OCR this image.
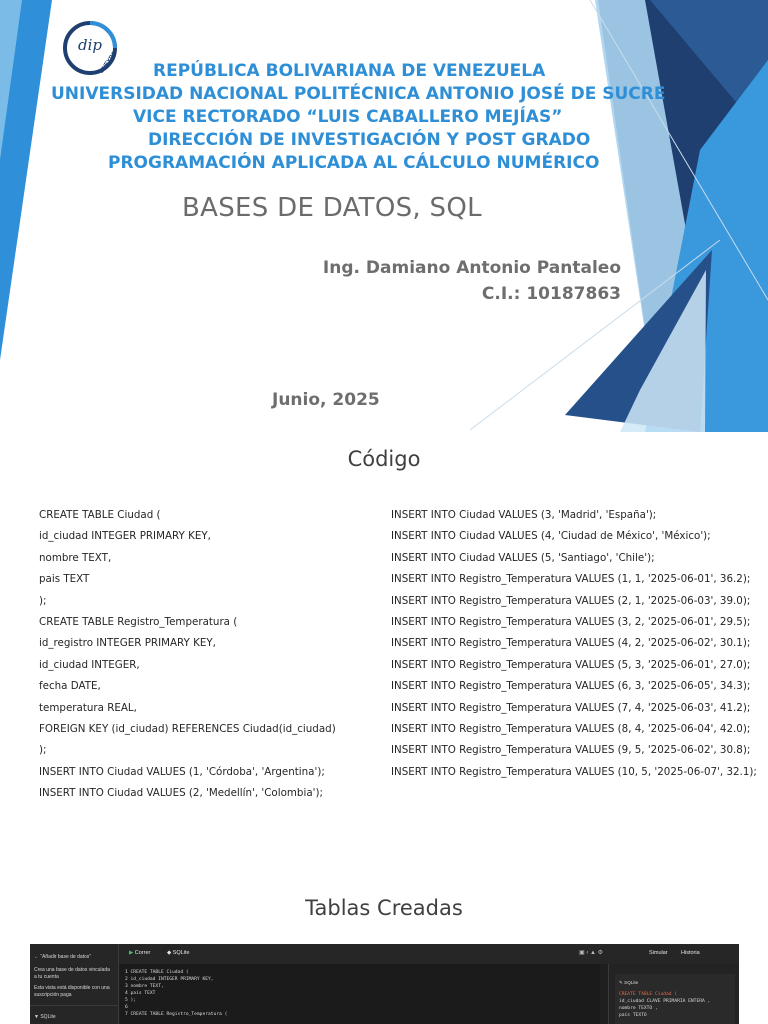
dip
UNEXPO REPÚBLICA BOLIVARIANA DE VENEZUELA
UNIVERSIDAD NACIONAL POLITÉCNICA ANTONIO JOSÉ DE SUCRE
VICE RECTORADO “LUIS CABALLERO MEJÍAS”
DIRECCIÓN DE INVESTIGACIÓN Y POST GRADO
PROGRAMACIÓN APLICADA AL CÁLCULO NUMÉRICO
BASES DE DATOS, SQL
Ing. Damiano Antonio Pantaleo
C.I.: 10187863
Junio, 2025
Código
CREATE TABLE Ciudad (
id_ciudad INTEGER PRIMARY KEY,
nombre TEXT,
pais TEXT
);
CREATE TABLE Registro_Temperatura (
id_registro INTEGER PRIMARY KEY,
id_ciudad INTEGER,
fecha DATE,
temperatura REAL,
FOREIGN KEY (id_ciudad) REFERENCES Ciudad(id_ciudad)
);
INSERT INTO Ciudad VALUES (1, 'Córdoba', 'Argentina');
INSERT INTO Ciudad VALUES (2, 'Medellín', 'Colombia');
INSERT INTO Ciudad VALUES (3, 'Madrid', 'España');
INSERT INTO Ciudad VALUES (4, 'Ciudad de México', 'México');
INSERT INTO Ciudad VALUES (5, 'Santiago', 'Chile');
INSERT INTO Registro_Temperatura VALUES (1, 1, '2025-06-01', 36.2);
INSERT INTO Registro_Temperatura VALUES (2, 1, '2025-06-03', 39.0);
INSERT INTO Registro_Temperatura VALUES (3, 2, '2025-06-01', 29.5);
INSERT INTO Registro_Temperatura VALUES (4, 2, '2025-06-02', 30.1);
INSERT INTO Registro_Temperatura VALUES (5, 3, '2025-06-01', 27.0);
INSERT INTO Registro_Temperatura VALUES (6, 3, '2025-06-05', 34.3);
INSERT INTO Registro_Temperatura VALUES (7, 4, '2025-06-03', 41.2);
INSERT INTO Registro_Temperatura VALUES (8, 4, '2025-06-04', 42.0);
INSERT INTO Registro_Temperatura VALUES (9, 5, '2025-06-02', 30.8);
INSERT INTO Registro_Temperatura VALUES (10, 5, '2025-06-07', 32.1);
Tablas Creadas
← “Añadir base de datos”
Crea una base de datos vinculada a tu cuenta
Esta vista está disponible con una suscripción paga
▼ SQLite
▶ Correr	◆ SQLite	▣ ‹ ▲ ⚙	Simular Historia
1 CREATE TABLE Ciudad (
2 id_ciudad INTEGER PRIMARY KEY,
3 nombre TEXT,
4 pais TEXT
5 );
6
7 CREATE TABLE Registro_Temperatura (
✎ SQLite
CREATE TABLE Ciudad (
id_ciudad CLAVE PRIMARIA ENTERA ,
nombre TEXTO ,
país TEXTO
